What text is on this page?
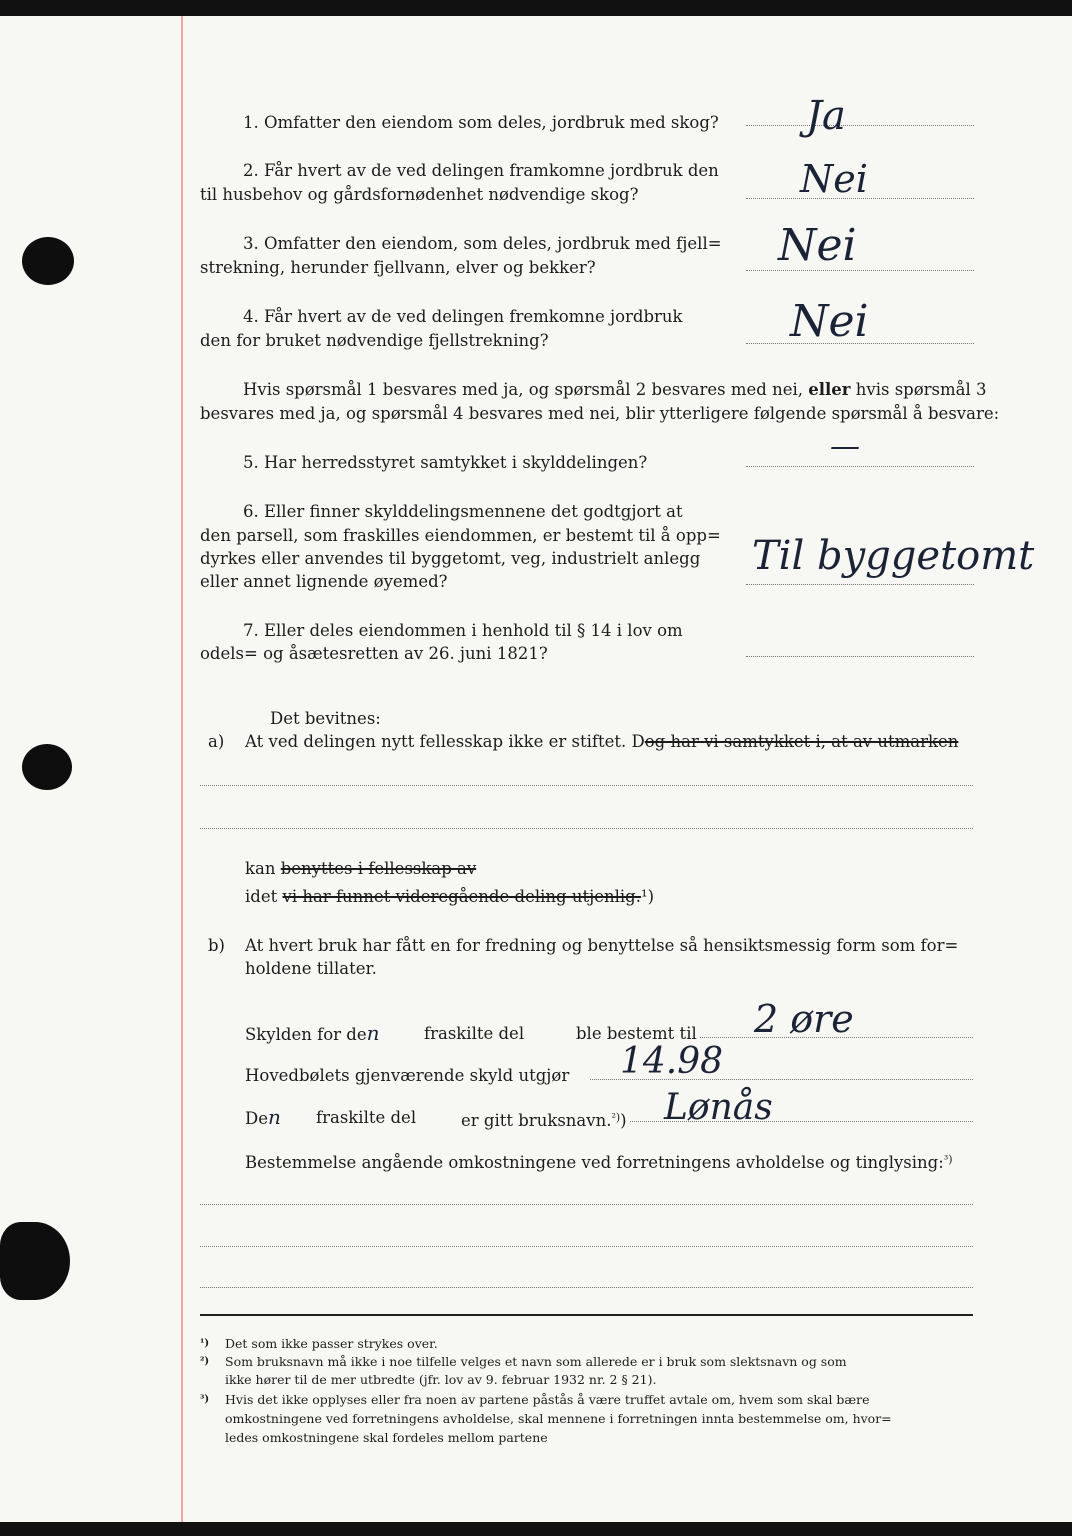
1. Omfatter den eiendom som deles, jordbruk med skog? Ja
2. Får hvert av de ved delingen framkomne jordbruk den
til husbehov og gårdsfornødenhet nødvendige skog?	Nei
3. Omfatter den eiendom, som deles, jordbruk med fjell=
strekning, herunder fjellvann, elver og bekker?	Nei
4. Får hvert av de ved delingen fremkomne jordbruk
den for bruket nødvendige fjellstrekning?	Nei
Hvis spørsmål 1 besvares med ja, og spørsmål 2 besvares med nei, eller hvis spørsmål 3
besvares med ja, og spørsmål 4 besvares med nei, blir ytterligere følgende spørsmål å besvare:
5. Har herredsstyret samtykket i skylddelingen?	—
6. Eller finner skylddelingsmennene det godtgjort at
den parsell, som fraskilles eiendommen, er bestemt til å opp=
dyrkes eller anvendes til byggetomt, veg, industrielt anlegg
eller annet lignende øyemed?
Til byggetomt
7. Eller deles eiendommen i henhold til § 14 i lov om
odels= og åsætesretten av 26. juni 1821?
Det bevitnes:
a) At ved delingen nytt fellesskap ikke er stiftet. Dog har vi samtykket i, at av utmarken
kan benyttes i fellesskap av
idet vi har funnet videregående deling utjenlig.¹)
b) At hvert bruk har fått en for fredning og benyttelse så hensiktsmessig form som for=
holdene tillater.
Skylden for den	fraskilte del	ble bestemt til 2 øre
Hovedbølets gjenværende skyld utgjør 14.98
Den fraskilte del	er gitt bruksnavn.$^{^2)}$) Lønås
Bestemmelse angående omkostningene ved forretningens avholdelse og tinglysing:$^{^3)}$
$^{^1)}$ Det som ikke passer strykes over.
$^{^2)}$ Som bruksnavn må ikke i noe tilfelle velges et navn som allerede er i bruk som slektsnavn og som
ikke hører til de mer utbredte (jfr. lov av 9. februar 1932 nr. 2 § 21).
$^{^3)}$ Hvis det ikke opplyses eller fra noen av partene påstås å være truffet avtale om, hvem som skal bære
omkostningene ved forretningens avholdelse, skal mennene i forretningen innta bestemmelse om, hvor=
ledes omkostningene skal fordeles mellom partene
